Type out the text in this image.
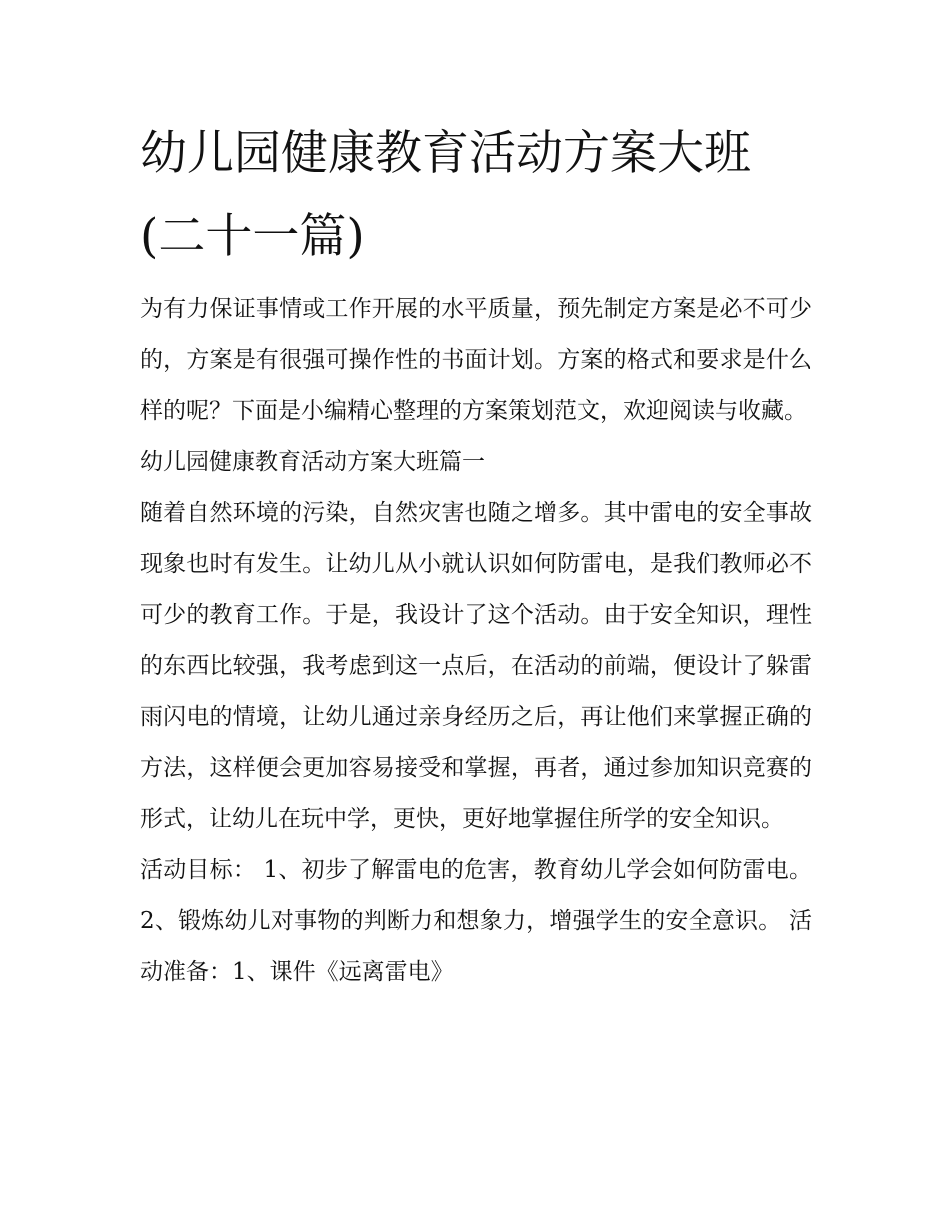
幼儿园健康教育活动方案大班(二十一篇)

为有力保证事情或工作开展的水平质量，预先制定方案是必不可少的，方案是有很强可操作性的书面计划。方案的格式和要求是什么样的呢？下面是小编精心整理的方案策划范文，欢迎阅读与收藏。

幼儿园健康教育活动方案大班篇一

随着自然环境的污染，自然灾害也随之增多。其中雷电的安全事故现象也时有发生。让幼儿从小就认识如何防雷电，是我们教师必不可少的教育工作。于是，我设计了这个活动。由于安全知识，理性的东西比较强，我考虑到这一点后，在活动的前端，便设计了躲雷雨闪电的情境，让幼儿通过亲身经历之后，再让他们来掌握正确的方法，这样便会更加容易接受和掌握，再者，通过参加知识竞赛的形式，让幼儿在玩中学，更快，更好地掌握住所学的安全知识。

活动目标： 1、初步了解雷电的危害，教育幼儿学会如何防雷电。 2、锻炼幼儿对事物的判断力和想象力，增强学生的安全意识。 活动准备：1、课件《远离雷电》
